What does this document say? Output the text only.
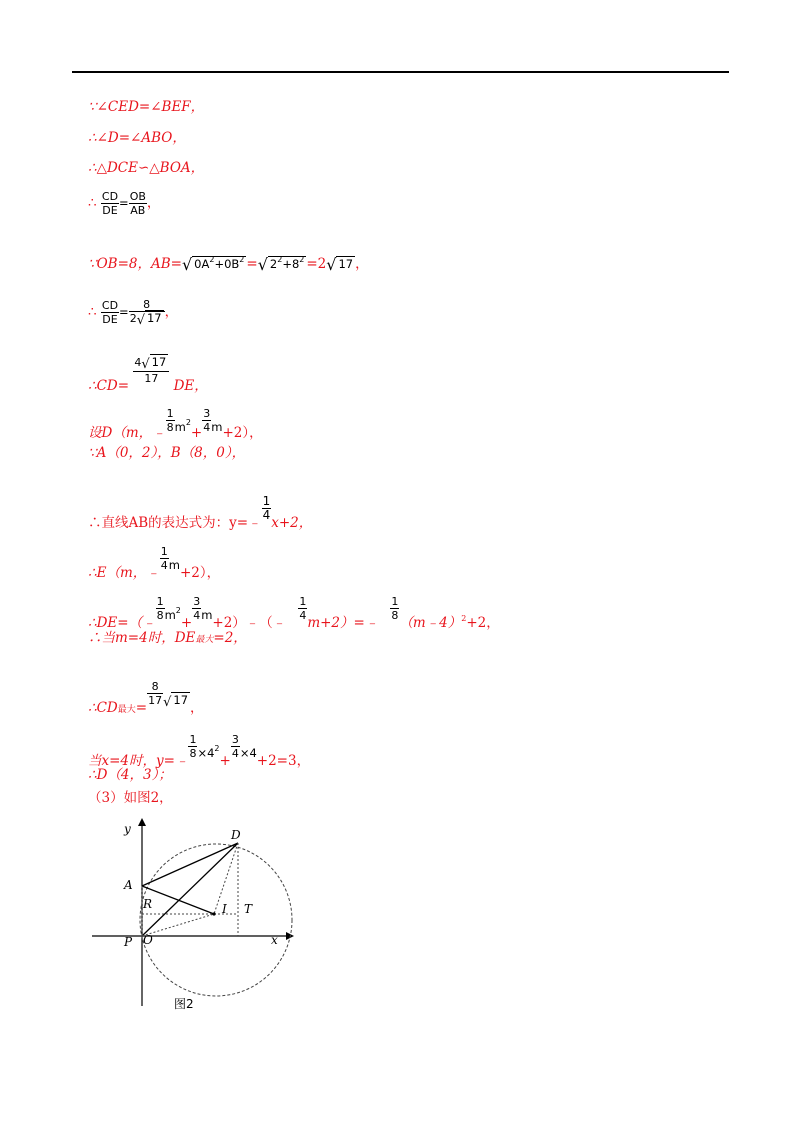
∵∠CED=∠BEF，
∴∠D=∠ABO，
∴△DCE∽△BOA，
∴ $\frac{CD}{DE} = \frac{OB}{AB}$ ，
∵OB=8，AB=√ $0A^2+0B^2$ =√ $2^2+8^2 =2√$ 17 ，
∴ $\frac{CD}{DE} = \frac{8}{2√ 17}$ ，
∴CD=
$\frac{4√ 17}{17}$
DE，
设D（m，﹣ $\frac{1}{8} m^2+ \frac{3}{4} m+2$），
∵A（0，2），B（8，0），
∴直线AB的表达式为：y=﹣
$\frac{1}{4}$
x+2，
∴E（m，﹣
$\frac{1}{4} m+2$），
∴DE=（﹣
$\frac{1}{8} m^2+$
$\frac{3}{4}$ m+2）﹣（﹣
$\frac{1}{4}$
m+2）=﹣
$\frac{1}{8}$
（m﹣4）$^2$+2，
∴当m=4时，DE最大=2，
∴CD最大=
$\frac{8}{17}$ √ 17 ，
当x=4时，y=﹣
$\frac{1}{8} \times 4^2+$
$\frac{3}{4} \times 4+2=3$，
∴D（4，3）；
（3）如图2，
y
x
D
A
R	I T
P O
图2
